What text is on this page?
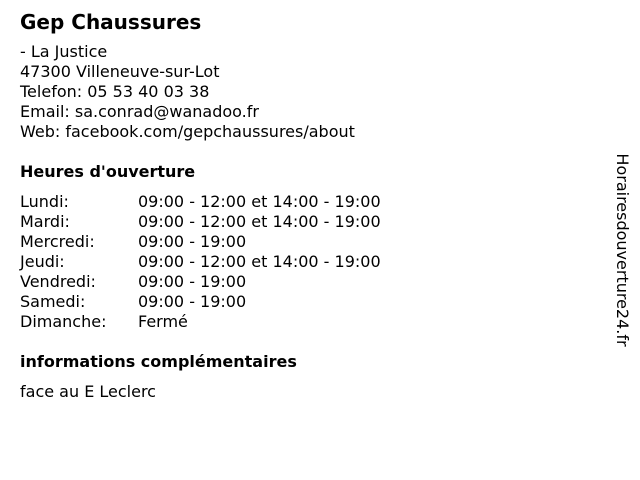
Gep Chaussures
- La Justice
47300 Villeneuve-sur-Lot
Telefon: 05 53 40 03 38
Email: sa.conrad@wanadoo.fr
Web: facebook.com/gepchaussures/about
Heures d'ouverture
Lundi:	09:00 - 12:00 et 14:00 - 19:00
Mardi:	09:00 - 12:00 et 14:00 - 19:00
Mercredi:	09:00 - 19:00
Jeudi:	09:00 - 12:00 et 14:00 - 19:00
Vendredi:	09:00 - 19:00
Samedi:	09:00 - 19:00
Dimanche:	Fermé
informations complémentaires
face au E Leclerc
Horairesdouverture24.fr
